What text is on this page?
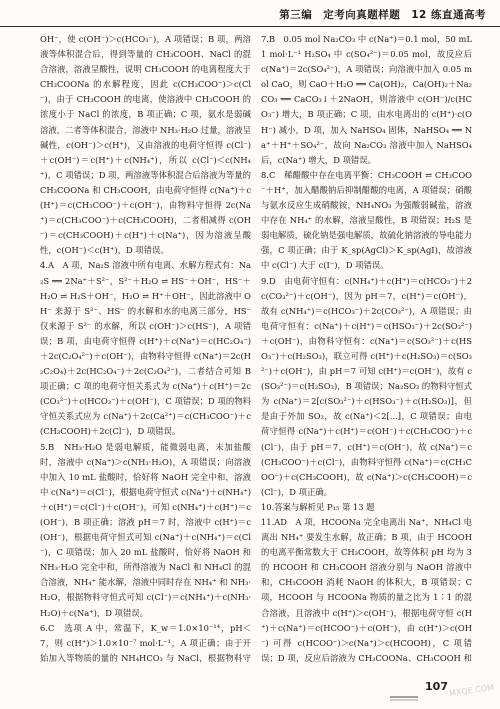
第三编　定考向真题样题　12 练直通高考

OH⁻，使 c(OH⁻)＞c(HCO₃⁻)，A 项错误；B 项，两溶液等体积混合后，得到等量的 CH₃COOH、NaCl 的混合溶液，溶液呈酸性，说明 CH₃COOH 的电离程度大于 CH₃COONa 的水解程度，因此 c(CH₃COO⁻)＞c(Cl⁻)，由于 CH₃COOH 的电离，使溶液中 CH₃COOH 的浓度小于 NaCl 的浓度，B 项正确；C 项，氨水是弱碱溶液，二者等体积混合，溶液中 NH₃·H₂O 过量，溶液呈碱性，c(OH⁻)＞c(H⁺)，又由溶液的电荷守恒得 c(Cl⁻)＋c(OH⁻)＝c(H⁺)＋c(NH₄⁺)，所以 c(Cl⁻)＜c(NH₄⁺)，C 项错误；D 项，两溶液等体积混合后溶液为等量的 CH₃COONa 和 CH₃COOH，由电荷守恒得 c(Na⁺)＋c(H⁺)＝c(CH₃COO⁻)＋c(OH⁻)，由物料守恒得 2c(Na⁺)＝c(CH₃COO⁻)＋c(CH₃COOH)，二者相减得 c(OH⁻)＝c(CH₃COOH)＋c(H⁺)＋c(Na⁺)，因为溶液呈酸性，c(OH⁻)＜c(H⁺)，D 项错误。

4.A　A 项，Na₂S 溶液中所有电离、水解方程式有：Na₂S ══ 2Na⁺＋S²⁻，S²⁻＋H₂O ⇌ HS⁻＋OH⁻，HS⁻＋H₂O ⇌ H₂S＋OH⁻，H₂O ⇌ H⁺＋OH⁻，因此溶液中 OH⁻ 来源于 S²⁻、HS⁻ 的水解和水的电离三部分，HS⁻ 仅来源于 S²⁻ 的水解，所以 c(OH⁻)＞c(HS⁻)，A 项错误；B 项，由电荷守恒得 c(H⁺)＋c(Na⁺)＝c(HC₂O₄⁻)＋2c(C₂O₄²⁻)＋c(OH⁻)，由物料守恒得 c(Na⁺)＝2c(H₂C₂O₄)＋2c(HC₂O₄⁻)＋2c(C₂O₄²⁻)，二者结合可知 B 项正确；C 项的电荷守恒关系式为 c(Na⁺)＋c(H⁺)＝2c(CO₃²⁻)＋c(HCO₃⁻)＋c(OH⁻)，C 项错误；D 项的物料守恒关系式应为 c(Na⁺)＋2c(Ca²⁺)＝c(CH₃COO⁻)＋c(CH₃COOH)＋2c(Cl⁻)，D 项错误。

5.B　NH₃·H₂O 是弱电解质，能微弱电离，未加盐酸时，溶液中 c(Na⁺)＞c(NH₃·H₂O)，A 项错误；向溶液中加入 10 mL 盐酸时，恰好将 NaOH 完全中和，溶液中 c(Na⁺)＝c(Cl⁻)，根据电荷守恒式 c(Na⁺)＋c(NH₄⁺)＋c(H⁺)＝c(Cl⁻)＋c(OH⁻)，可知 c(NH₄⁺)＋c(H⁺)＝c(OH⁻)，B 项正确；溶液 pH＝7 时，溶液中 c(H⁺)＝c(OH⁻)，根据电荷守恒式可知 c(Na⁺)＋c(NH₄⁺)＝c(Cl⁻)，C 项错误；加入 20 mL 盐酸时，恰好将 NaOH 和 NH₃·H₂O 完全中和，所得溶液为 NaCl 和 NH₄Cl 的混合溶液，NH₄⁺ 能水解，溶液中同时存在 NH₄⁺ 和 NH₃·H₂O，根据物料守恒式可知 c(Cl⁻)＝c(NH₄⁺)＋c(NH₃·H₂O)＋c(Na⁺)，D 项错误。

6.C　选项 A 中，常温下，K_w＝1.0×10⁻¹⁴，pH＜7，则 c(H⁺)＞1.0×10⁻⁷ mol·L⁻¹，A 项正确；由于开始加入等物质的量的 NH₄HCO₃ 与 NaCl，根据物料守

7.B　0.05 mol Na₂CO₃ 中 c(Na⁺)＝0.1 mol，50 mL 1 mol·L⁻¹ H₂SO₄ 中 c(SO₄²⁻)＝0.05 mol，故反应后 c(Na⁺)＝2c(SO₄²⁻)，A 项错误；向溶液中加入 0.05 mol CaO，则 CaO＋H₂O ══ Ca(OH)₂，Ca(OH)₂＋Na₂CO₃ ══ CaCO₃↓＋2NaOH，则溶液中 c(OH⁻)/c(HCO₃⁻) 增大，B 项正确；C 项，由水电离出的 c(H⁺)·c(OH⁻) 减小，D 项，加入 NaHSO₄ 固体，NaHSO₄ ══ Na⁺＋H⁺＋SO₄²⁻，故向 Na₂CO₃ 溶液中加入 NaHSO₄ 后，c(Na⁺) 增大，D 项错误。

8.C　稀醋酸中存在电离平衡：CH₃COOH ⇌ CH₃COO⁻＋H⁺，加入醋酸钠后抑制醋酸的电离，A 项错误；硝酸与氨水反应生成硝酸铵，NH₄NO₃ 为强酸弱碱盐，溶液中存在 NH₄⁺ 的水解，溶液呈酸性，B 项错误；H₂S 是弱电解质，硫化钠是强电解质，故硫化钠溶液的导电能力强，C 项正确；由于 K_sp(AgCl)＞K_sp(AgI)，故溶液中 c(Cl⁻) 大于 c(I⁻)，D 项错误。

9.D　由电荷守恒有：c(NH₄⁺)＋c(H⁺)＝c(HCO₃⁻)＋2c(CO₃²⁻)＋c(OH⁻)，因为 pH＝7，c(H⁺)＝c(OH⁻)，故有 c(NH₄⁺)＝c(HCO₃⁻)＋2c(CO₃²⁻)，A 项错误；由电荷守恒有：c(Na⁺)＋c(H⁺)＝c(HSO₃⁻)＋2c(SO₃²⁻)＋c(OH⁻)，由物料守恒有：c(Na⁺)＝c(SO₃²⁻)＋c(HSO₃⁻)＋c(H₂SO₃)，联立可得 c(H⁺)＋c(H₂SO₃)＝c(SO₃²⁻)＋c(OH⁻)，由 pH＝7 可知 c(H⁺)＝c(OH⁻)，故有 c(SO₃²⁻)＝c(H₂SO₃)，B 项错误；Na₂SO₃ 的物料守恒式为 c(Na⁺)＝2[c(SO₃²⁻)＋c(HSO₃⁻)＋c(H₂SO₃)]，但是由于外加 SO₂，故 c(Na⁺)＜2[...]，C 项错误；由电荷守恒得 c(Na⁺)＋c(H⁺)＝c(OH⁻)＋c(CH₃COO⁻)＋c(Cl⁻)，由于 pH＝7，c(H⁺)＝c(OH⁻)，故 c(Na⁺)＝c(CH₃COO⁻)＋c(Cl⁻)，由物料守恒得 c(Na⁺)＝c(CH₃COO⁻)＋c(CH₃COOH)，故 c(Na⁺)＞c(CH₃COOH)＝c(Cl⁻)，D 项正确。

10.答案与解析见 P₁₅ 第 13 题

11.AD　A 项，HCOONa 完全电离出 Na⁺，NH₄Cl 电离出 NH₄⁺ 要发生水解，故正确；B 项，由于 HCOOH 的电离平衡常数大于 CH₃COOH，故等体积 pH 均为 3 的 HCOOH 和 CH₃COOH 溶液分别与 NaOH 溶液中和，CH₃COOH 消耗 NaOH 的体积大，B 项错误；C 项，HCOOH 与 HCOONa 物质的量之比为 1∶1 的混合溶液，且溶液中 c(H⁺)＞c(OH⁻)，根据电荷守恒 c(H⁺)＋c(Na⁺)＝c(HCOO⁻)＋c(OH⁻)，由 c(H⁺)＞c(OH⁻) 可得 c(HCOO⁻)＞c(Na⁺)＞c(HCOOH)，C 项错误；D 项，反应后溶液为 CH₃COONa、CH₃COOH 和

107 MXQE.COM
